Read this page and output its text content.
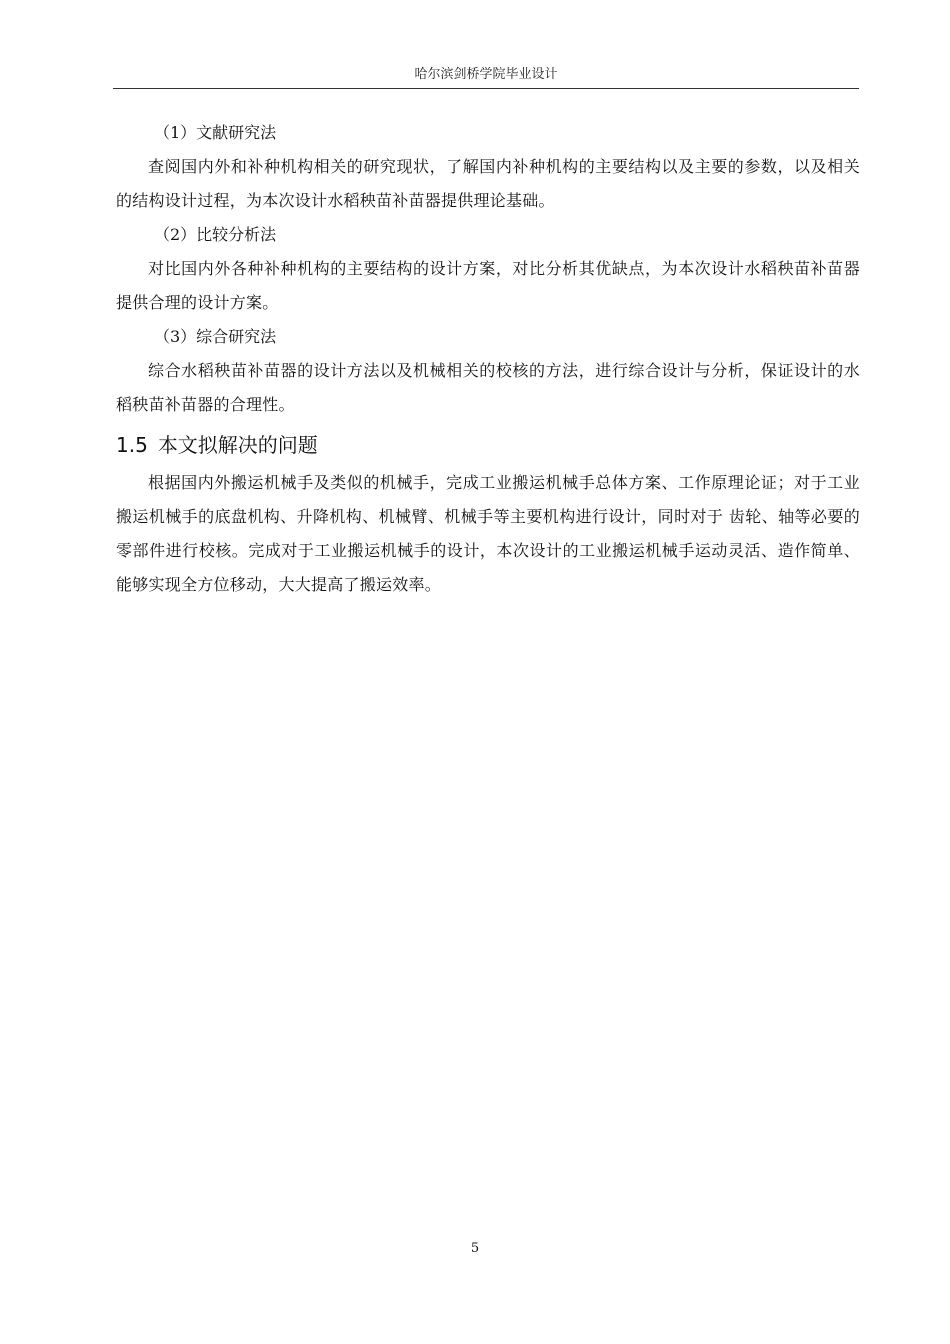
哈尔滨剑桥学院毕业设计

（1）文献研究法

查阅国内外和补种机构相关的研究现状，了解国内补种机构的主要结构以及主要的参数，以及相关的结构设计过程，为本次设计水稻秧苗补苗器提供理论基础。

（2）比较分析法

对比国内外各种补种机构的主要结构的设计方案，对比分析其优缺点，为本次设计水稻秧苗补苗器提供合理的设计方案。

（3）综合研究法

综合水稻秧苗补苗器的设计方法以及机械相关的校核的方法，进行综合设计与分析，保证设计的水稻秧苗补苗器的合理性。

1.5 本文拟解决的问题

根据国内外搬运机械手及类似的机械手，完成工业搬运机械手总体方案、工作原理论证；对于工业搬运机械手的底盘机构、升降机构、机械臂、机械手等主要机构进行设计，同时对于 齿轮、轴等必要的零部件进行校核。完成对于工业搬运机械手的设计，本次设计的工业搬运机械手运动灵活、造作简单、能够实现全方位移动，大大提高了搬运效率。

5
